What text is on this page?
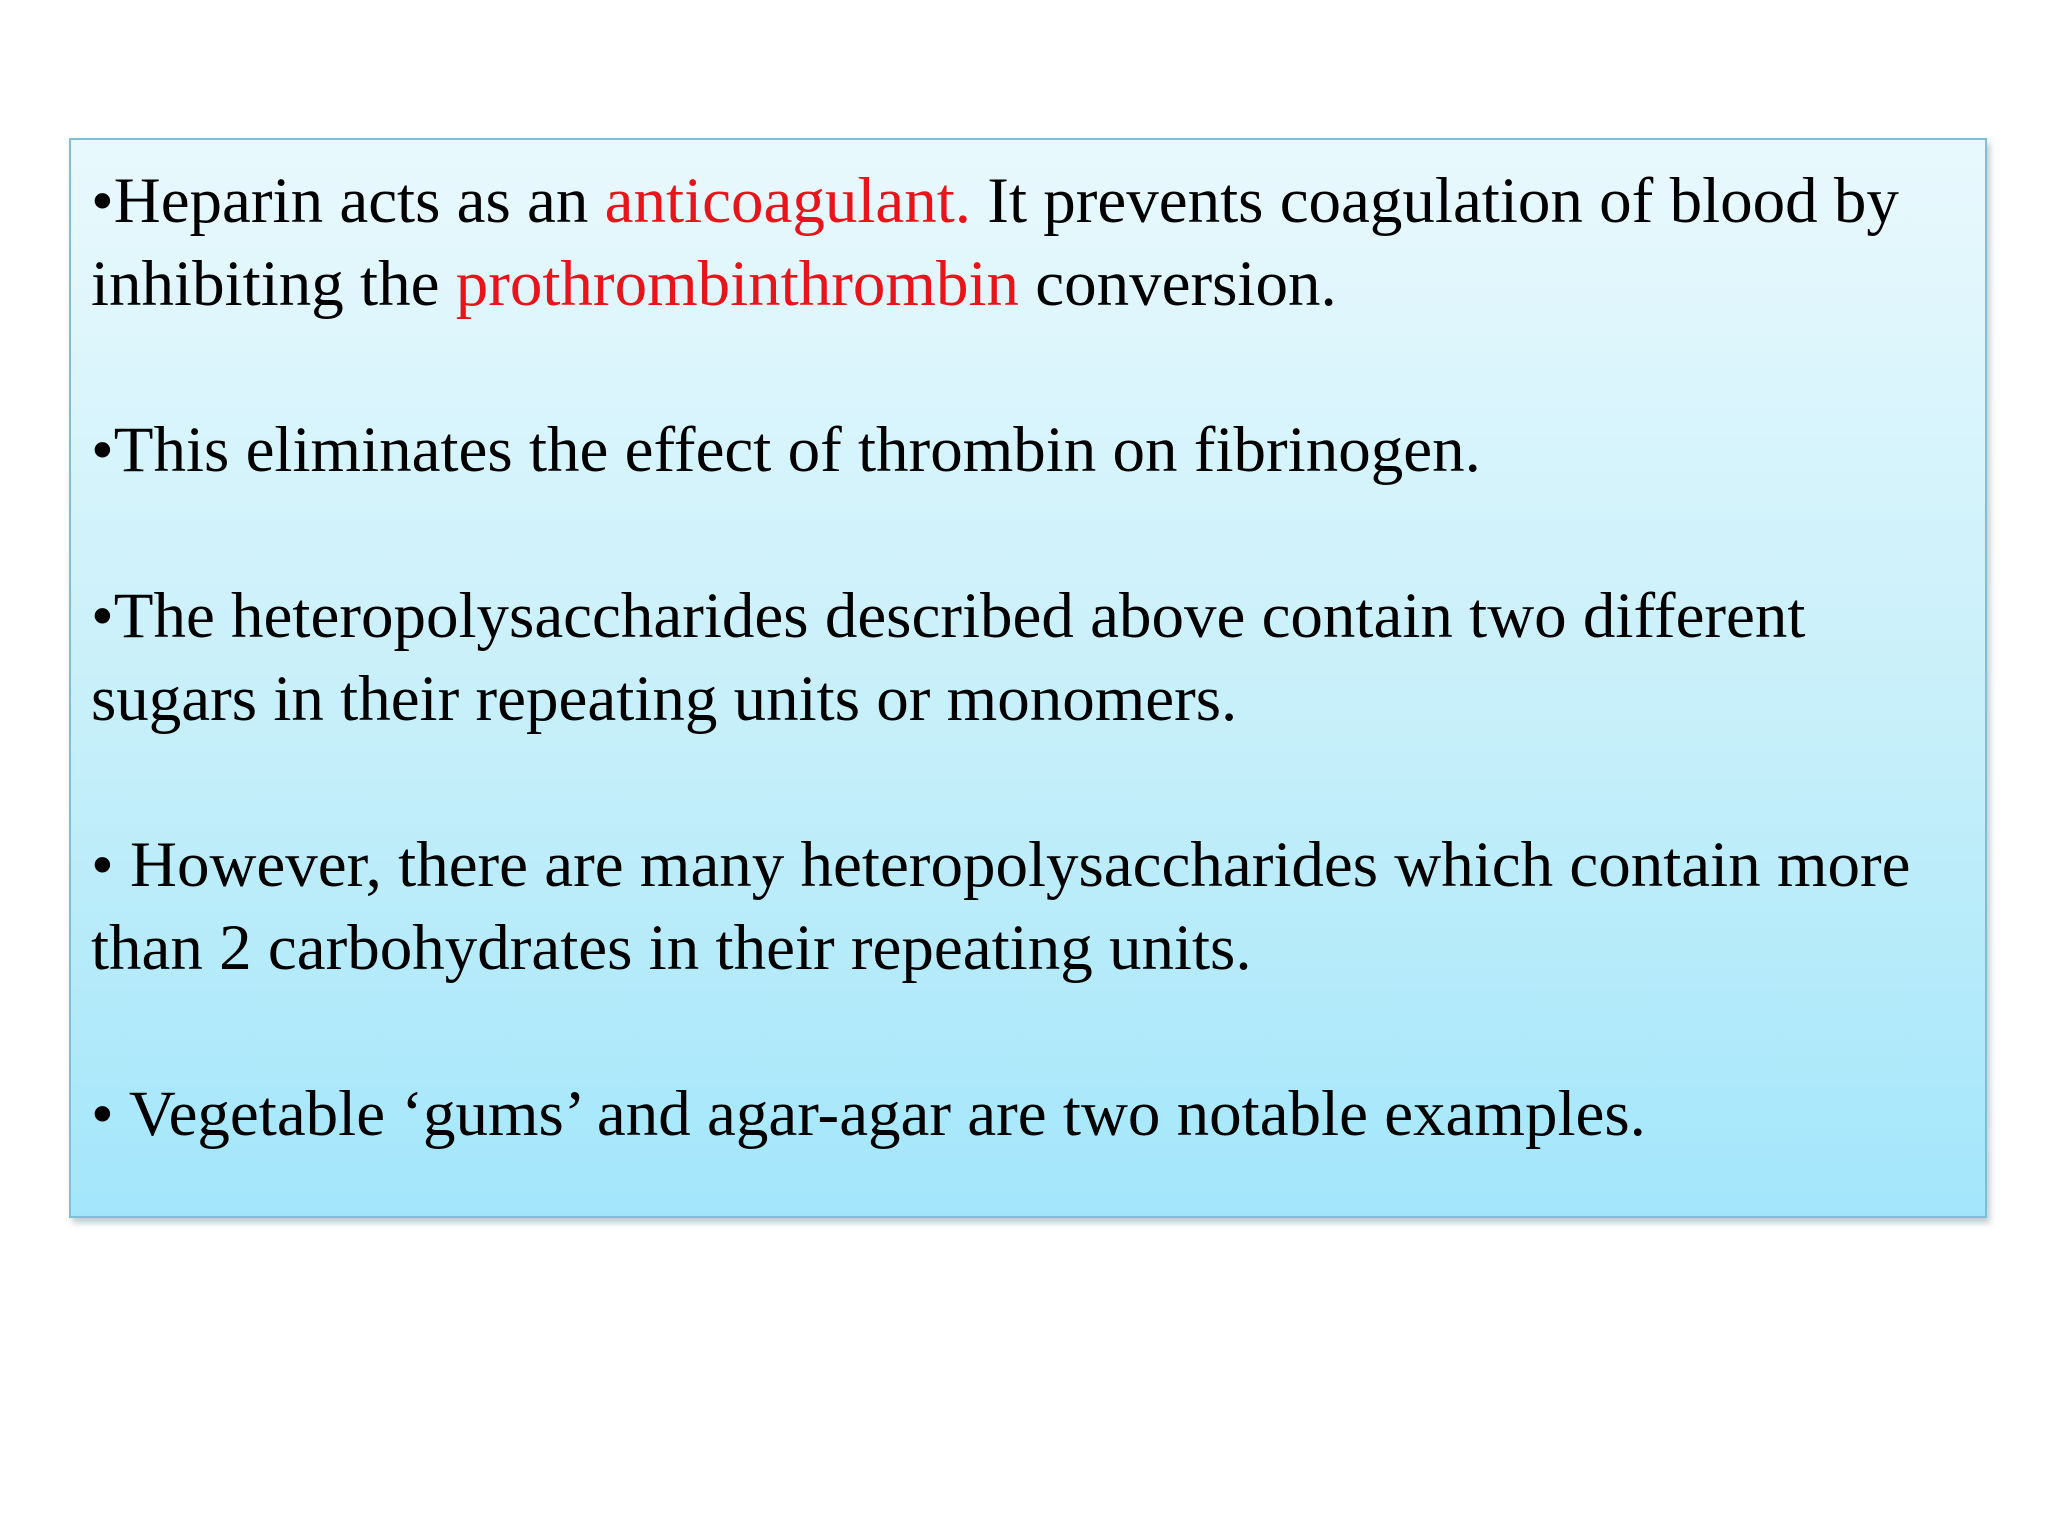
•Heparin acts as an anticoagulant. It prevents coagulation of blood by inhibiting the prothrombinthrombin conversion.

•This eliminates the effect of thrombin on fibrinogen.

•The heteropolysaccharides described above contain two different sugars in their repeating units or monomers.

• However, there are many heteropolysaccharides which contain more than 2 carbohydrates in their repeating units.

• Vegetable ‘gums’ and agar-agar are two notable examples.
